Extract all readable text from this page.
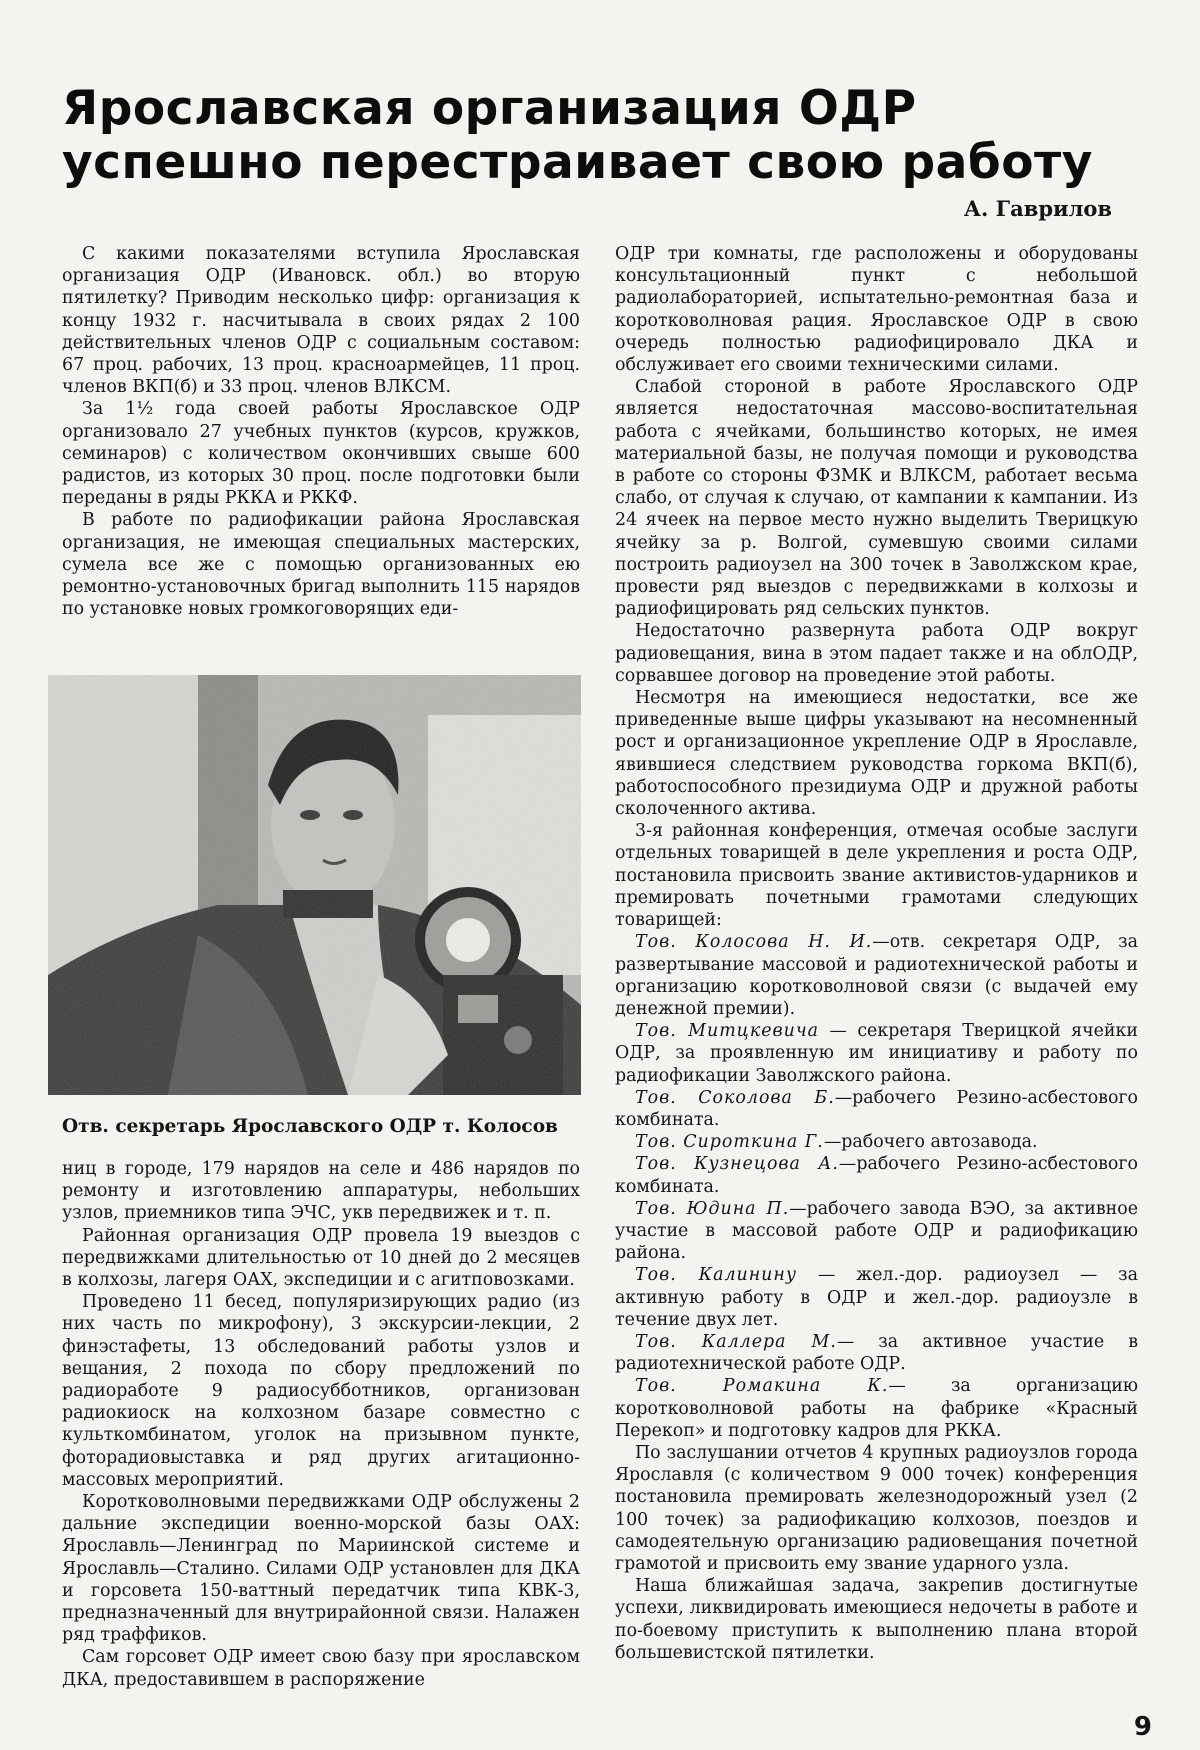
Ярославская организация ОДР
успешно перестраивает свою работу
А. Гаврилов

С какими показателями вступила Ярославская организация ОДР (Ивановск. обл.) во вторую пятилетку? Приводим несколько цифр: организация к концу 1932 г. насчитывала в своих рядах 2 100 действительных членов ОДР с социальным составом: 67 проц. рабочих, 13 проц. красноармейцев, 11 проц. членов ВКП(б) и 33 проц. членов ВЛКСМ.

За 1½ года своей работы Ярославское ОДР организовало 27 учебных пунктов (курсов, кружков, семинаров) с количеством окончивших свыше 600 радистов, из которых 30 проц. после подготовки были переданы в ряды РККА и РККФ.

В работе по радиофикации района Ярославская организация, не имеющая специальных мастерских, сумела все же с помощью организованных ею ремонтно-установочных бригад выполнить 115 нарядов по установке новых громкоговорящих еди-

Отв. секретарь Ярославского ОДР т. Колосов

ниц в городе, 179 нарядов на селе и 486 нарядов по ремонту и изготовлению аппаратуры, небольших узлов, приемников типа ЭЧС, укв передвижек и т. п.

Районная организация ОДР провела 19 выездов с передвижками длительностью от 10 дней до 2 месяцев в колхозы, лагеря ОАХ, экспедиции и с агитповозками.

Проведено 11 бесед, популяризирующих радио (из них часть по микрофону), 3 экскурсии-лекции, 2 финэстафеты, 13 обследований работы узлов и вещания, 2 похода по сбору предложений по радиоработе 9 радиосубботников, организован радиокиоск на колхозном базаре совместно с культкомбинатом, уголок на призывном пункте, фоторадиовыставка и ряд других агитационно-массовых мероприятий.

Коротковолновыми передвижками ОДР обслужены 2 дальние экспедиции военно-морской базы ОАХ: Ярославль—Ленинград по Мариинской системе и Ярославль—Сталино. Силами ОДР установлен для ДКА и горсовета 150-ваттный передатчик типа КВК-3, предназначенный для внутрирайонной связи. Налажен ряд траффиков.

Сам горсовет ОДР имеет свою базу при ярославском ДКА, предоставившем в распоряжение

ОДР три комнаты, где расположены и оборудованы консультационный пункт с небольшой радиолабораторией, испытательно-ремонтная база и коротковолновая рация. Ярославское ОДР в свою очередь полностью радиофицировало ДКА и обслуживает его своими техническими силами.

Слабой стороной в работе Ярославского ОДР является недостаточная массово-воспитательная работа с ячейками, большинство которых, не имея материальной базы, не получая помощи и руководства в работе со стороны ФЗМК и ВЛКСМ, работает весьма слабо, от случая к случаю, от кампании к кампании. Из 24 ячеек на первое место нужно выделить Тверицкую ячейку за р. Волгой, сумевшую своими силами построить радиоузел на 300 точек в Заволжском крае, провести ряд выездов с передвижками в колхозы и радиофицировать ряд сельских пунктов.

Недостаточно развернута работа ОДР вокруг радиовещания, вина в этом падает также и на облОДР, сорвавшее договор на проведение этой работы.

Несмотря на имеющиеся недостатки, все же приведенные выше цифры указывают на несомненный рост и организационное укрепление ОДР в Ярославле, явившиеся следствием руководства горкома ВКП(б), работоспособного президиума ОДР и дружной работы сколоченного актива.

3-я районная конференция, отмечая особые заслуги отдельных товарищей в деле укрепления и роста ОДР, постановила присвоить звание активистов-ударников и премировать почетными грамотами следующих товарищей:

Тов. Колосова Н. И.—отв. секретаря ОДР, за развертывание массовой и радиотехнической работы и организацию коротковолновой связи (с выдачей ему денежной премии).

Тов. Митцкевича — секретаря Тверицкой ячейки ОДР, за проявленную им инициативу и работу по радиофикации Заволжского района.

Тов. Соколова Б.—рабочего Резино-асбестового комбината.

Тов. Сироткина Г.—рабочего автозавода.

Тов. Кузнецова А.—рабочего Резино-асбестового комбината.

Тов. Юдина П.—рабочего завода ВЭО, за активное участие в массовой работе ОДР и радиофикацию района.

Тов. Калинину — жел.-дор. радиоузел — за активную работу в ОДР и жел.-дор. радиоузле в течение двух лет.

Тов. Каллера М.— за активное участие в радиотехнической работе ОДР.

Тов. Ромакина К.— за организацию коротковолновой работы на фабрике «Красный Перекоп» и подготовку кадров для РККА.

По заслушании отчетов 4 крупных радиоузлов города Ярославля (с количеством 9 000 точек) конференция постановила премировать железнодорожный узел (2 100 точек) за радиофикацию колхозов, поездов и самодеятельную организацию радиовещания почетной грамотой и присвоить ему звание ударного узла.

Наша ближайшая задача, закрепив достигнутые успехи, ликвидировать имеющиеся недочеты в работе и по-боевому приступить к выполнению плана второй большевистской пятилетки.

9
